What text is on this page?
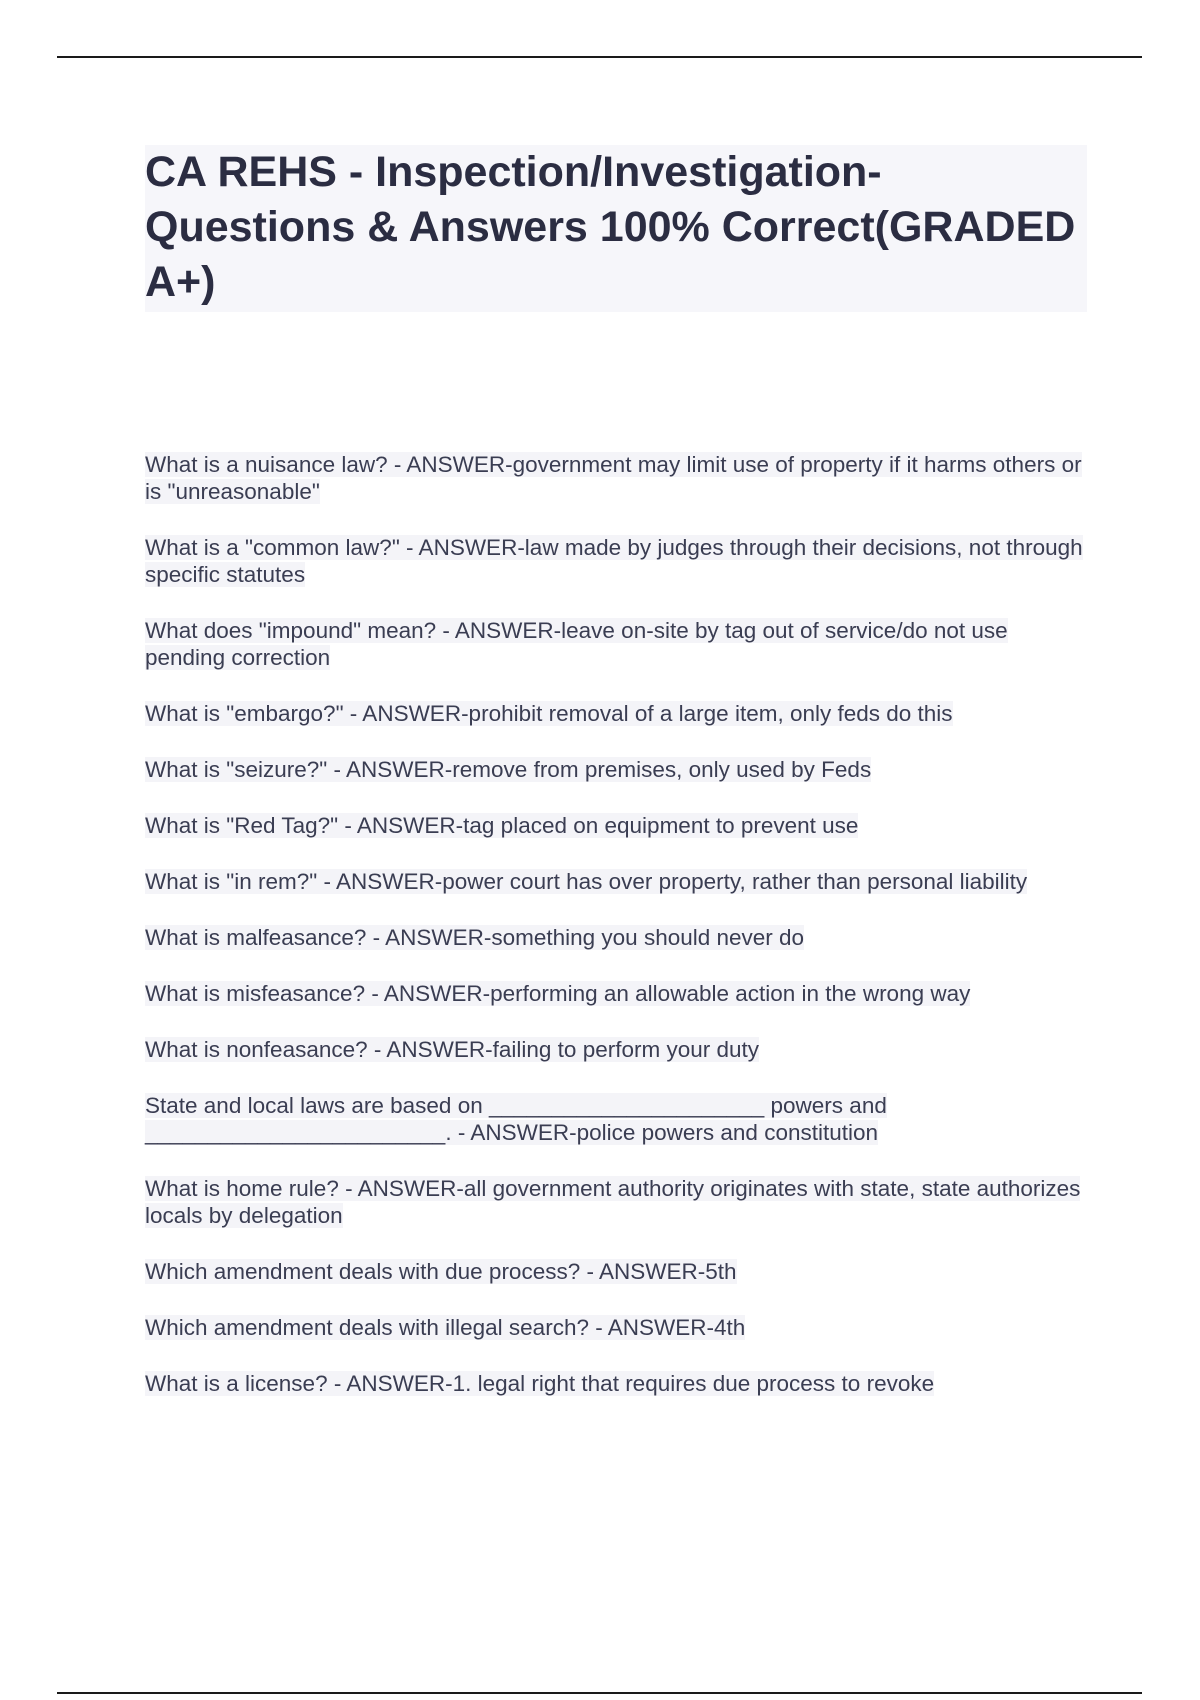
CA REHS - Inspection/Investigation- Questions & Answers 100% Correct(GRADED A+)
What is a nuisance law? - ANSWER-government may limit use of property if it harms others or is "unreasonable"
What is a "common law?" - ANSWER-law made by judges through their decisions, not through specific statutes
What does "impound" mean? - ANSWER-leave on-site by tag out of service/do not use pending correction
What is "embargo?" - ANSWER-prohibit removal of a large item, only feds do this
What is "seizure?" - ANSWER-remove from premises, only used by Feds
What is "Red Tag?" - ANSWER-tag placed on equipment to prevent use
What is "in rem?" - ANSWER-power court has over property, rather than personal liability
What is malfeasance? - ANSWER-something you should never do
What is misfeasance? - ANSWER-performing an allowable action in the wrong way
What is nonfeasance? - ANSWER-failing to perform your duty
State and local laws are based on ______________________ powers and ________________________. - ANSWER-police powers and constitution
What is home rule? - ANSWER-all government authority originates with state, state authorizes locals by delegation
Which amendment deals with due process? - ANSWER-5th
Which amendment deals with illegal search? - ANSWER-4th
What is a license? - ANSWER-1. legal right that requires due process to revoke
